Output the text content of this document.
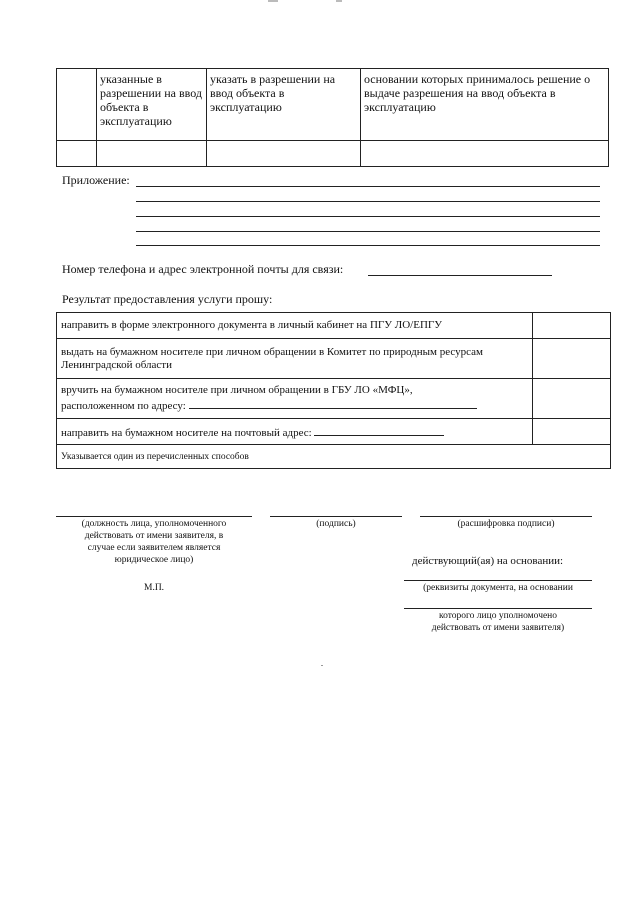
	указанные в разрешении на ввод объекта в эксплуатацию	указать в разрешении на ввод объекта в эксплуатацию	основании которых принималось решение о выдаче разрешения на ввод объекта в эксплуатацию

Приложение:
Номер телефона и адрес электронной почты для связи:
Результат предоставления услуги прошу:
направить в форме электронного документа в личный кабинет на ПГУ ЛО/ЕПГУ	
выдать на бумажном носителе при личном обращении в Комитет по природным ресурсам Ленинградской области	
вручить на бумажном носителе при личном обращении в ГБУ ЛО «МФЦ»,
расположенном по адресу:	
направить на бумажном носителе на почтовый адрес:	
Указывается один из перечисленных способов	
(должность лица, уполномоченного
действовать от имени заявителя, в
случае если заявителем является
юридическое лицо)
(подпись)	(расшифровка подписи)
действующий(ая) на основании:
М.П.	(реквизиты документа, на основании
которого лицо уполномочено
действовать от имени заявителя)
